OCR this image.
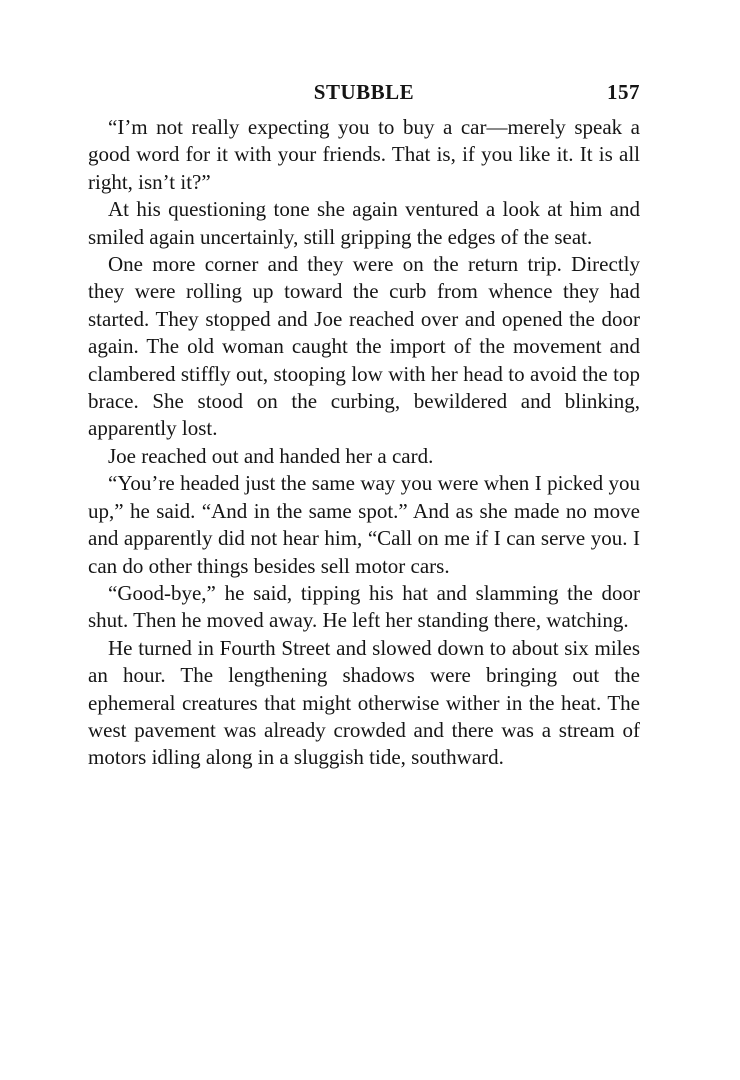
STUBBLE	157

“I’m not really expecting you to buy a car—merely speak a good word for it with your friends. That is, if you like it. It is all right, isn’t it?”

At his questioning tone she again ventured a look at him and smiled again uncertainly, still gripping the edges of the seat.

One more corner and they were on the return trip. Directly they were rolling up toward the curb from whence they had started. They stopped and Joe reached over and opened the door again. The old woman caught the import of the movement and clambered stiffly out, stooping low with her head to avoid the top brace. She stood on the curbing, bewildered and blinking, apparently lost.

Joe reached out and handed her a card.

“You’re headed just the same way you were when I picked you up,” he said. “And in the same spot.” And as she made no move and apparently did not hear him, “Call on me if I can serve you. I can do other things besides sell motor cars.

“Good-bye,” he said, tipping his hat and slamming the door shut. Then he moved away. He left her standing there, watching.

He turned in Fourth Street and slowed down to about six miles an hour. The lengthening shadows were bringing out the ephemeral creatures that might otherwise wither in the heat. The west pavement was already crowded and there was a stream of motors idling along in a sluggish tide, southward.
